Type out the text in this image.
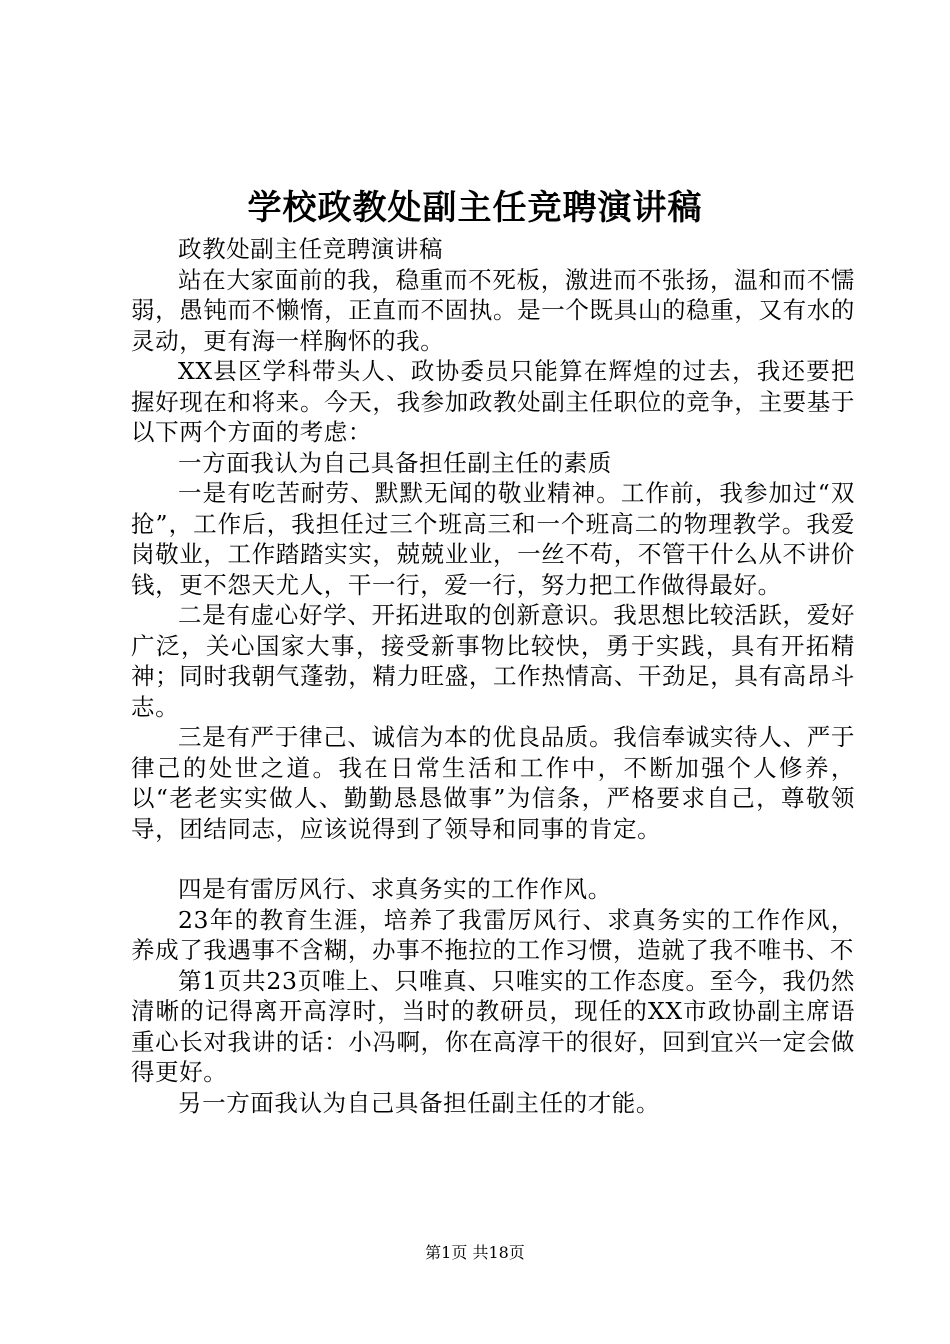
学校政教处副主任竞聘演讲稿

政教处副主任竞聘演讲稿

站在大家面前的我，稳重而不死板，激进而不张扬，温和而不懦弱，愚钝而不懒惰，正直而不固执。是一个既具山的稳重，又有水的灵动，更有海一样胸怀的我。

XX县区学科带头人、政协委员只能算在辉煌的过去，我还要把握好现在和将来。今天，我参加政教处副主任职位的竞争，主要基于以下两个方面的考虑：

一方面我认为自己具备担任副主任的素质

一是有吃苦耐劳、默默无闻的敬业精神。工作前，我参加过“双抢”，工作后，我担任过三个班高三和一个班高二的物理教学。我爱岗敬业，工作踏踏实实，兢兢业业，一丝不苟，不管干什么从不讲价钱，更不怨天尤人，干一行，爱一行，努力把工作做得最好。

二是有虚心好学、开拓进取的创新意识。我思想比较活跃，爱好广泛，关心国家大事，接受新事物比较快，勇于实践，具有开拓精神；同时我朝气蓬勃，精力旺盛，工作热情高、干劲足，具有高昂斗志。

三是有严于律己、诚信为本的优良品质。我信奉诚实待人、严于律己的处世之道。我在日常生活和工作中，不断加强个人修养，以“老老实实做人、勤勤恳恳做事”为信条，严格要求自己，尊敬领导，团结同志，应该说得到了领导和同事的肯定。

四是有雷厉风行、求真务实的工作作风。

23年的教育生涯，培养了我雷厉风行、求真务实的工作作风，养成了我遇事不含糊，办事不拖拉的工作习惯，造就了我不唯书、不

第1页共23页唯上、只唯真、只唯实的工作态度。至今，我仍然清晰的记得离开高淳时，当时的教研员，现任的XX市政协副主席语重心长对我讲的话：小冯啊，你在高淳干的很好，回到宜兴一定会做得更好。

另一方面我认为自己具备担任副主任的才能。

第1页 共18页
